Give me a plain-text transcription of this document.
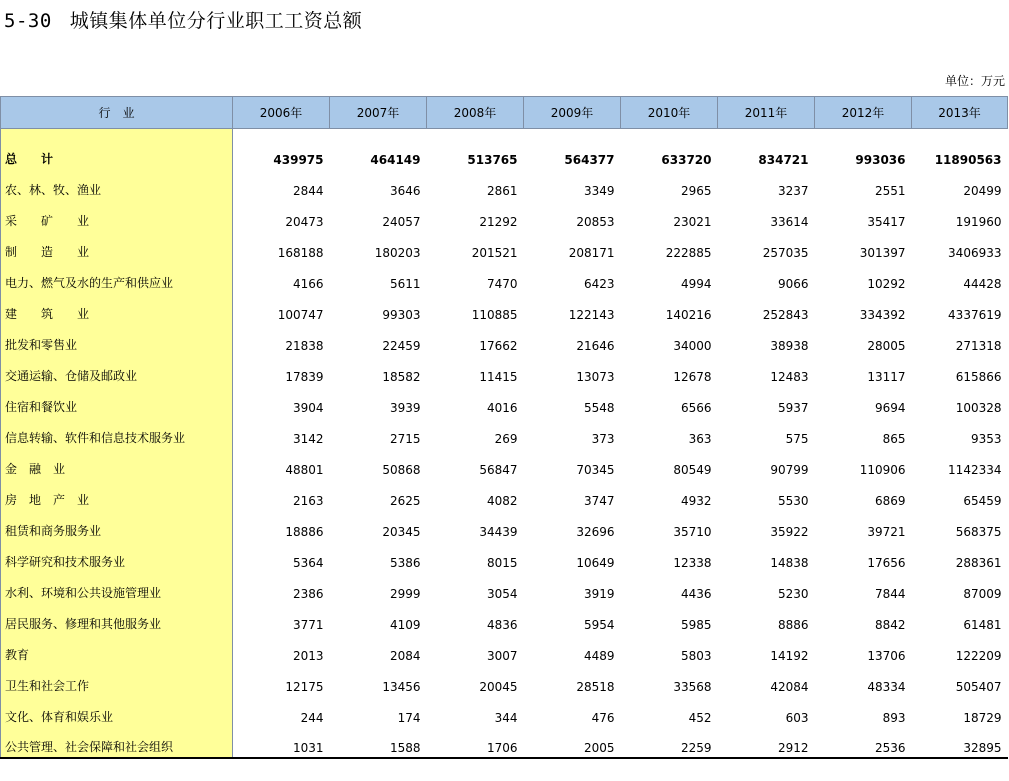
5-30 城镇集体单位分行业职工工资总额
单位：万元
行　业	2006年	2007年	2008年	2009年	2010年	2011年	2012年	2013年
总　　计	439975	464149	513765	564377	633720	834721	993036	11890563
农、林、牧、渔业	2844	3646	2861	3349	2965	3237	2551	20499
采　　矿　　业	20473	24057	21292	20853	23021	33614	35417	191960
制　　造　　业	168188	180203	201521	208171	222885	257035	301397	3406933
电力、燃气及水的生产和供应业	4166	5611	7470	6423	4994	9066	10292	44428
建　　筑　　业	100747	99303	110885	122143	140216	252843	334392	4337619
批发和零售业	21838	22459	17662	21646	34000	38938	28005	271318
交通运输、仓储及邮政业	17839	18582	11415	13073	12678	12483	13117	615866
住宿和餐饮业	3904	3939	4016	5548	6566	5937	9694	100328
信息转输、软件和信息技术服务业	3142	2715	269	373	363	575	865	9353
金　融　业	48801	50868	56847	70345	80549	90799	110906	1142334
房　地　产　业	2163	2625	4082	3747	4932	5530	6869	65459
租赁和商务服务业	18886	20345	34439	32696	35710	35922	39721	568375
科学研究和技术服务业	5364	5386	8015	10649	12338	14838	17656	288361
水利、环境和公共设施管理业	2386	2999	3054	3919	4436	5230	7844	87009
居民服务、修理和其他服务业	3771	4109	4836	5954	5985	8886	8842	61481
教育	2013	2084	3007	4489	5803	14192	13706	122209
卫生和社会工作	12175	13456	20045	28518	33568	42084	48334	505407
文化、体育和娱乐业	244	174	344	476	452	603	893	18729
公共管理、社会保障和社会组织	1031	1588	1706	2005	2259	2912	2536	32895
